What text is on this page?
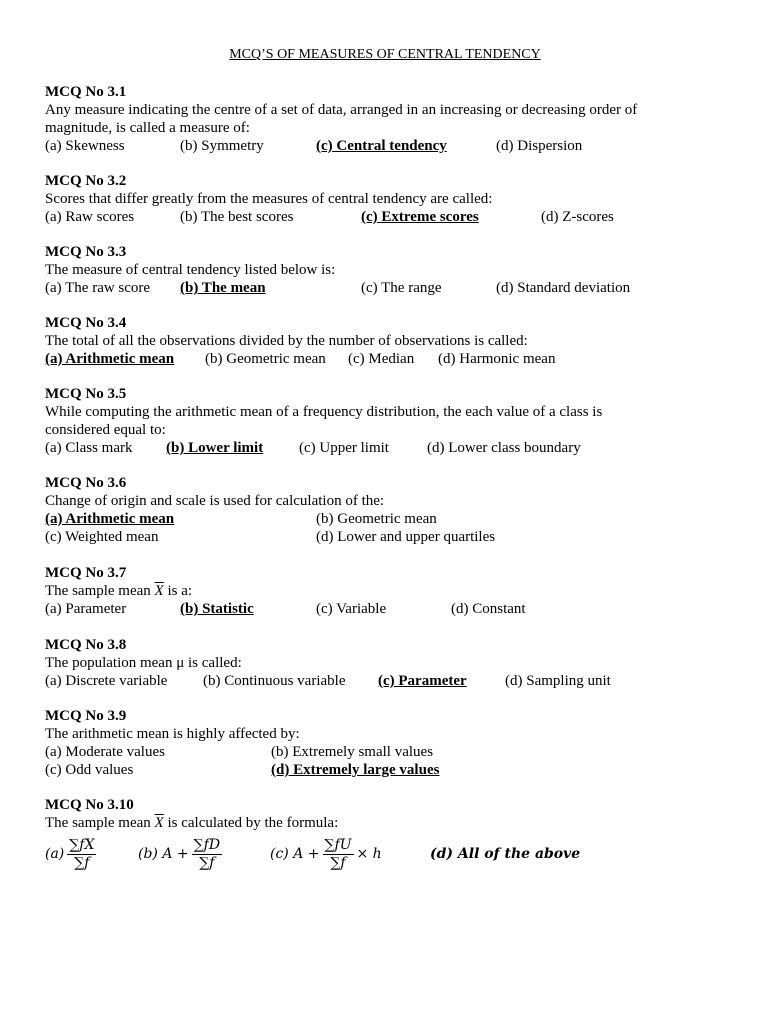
MCQ’S OF MEASURES OF CENTRAL TENDENCY
MCQ No 3.1
Any measure indicating the centre of a set of data, arranged in an increasing or decreasing order of
magnitude, is called a measure of:
(a) Skewness	(b) Symmetry	(c) Central tendency	(d) Dispersion
MCQ No 3.2
Scores that differ greatly from the measures of central tendency are called:
(a) Raw scores	(b) The best scores	(c) Extreme scores	(d) Z-scores
MCQ No 3.3
The measure of central tendency listed below is:
(a) The raw score (b) The mean	(c) The range	(d) Standard deviation
MCQ No 3.4
The total of all the observations divided by the number of observations is called:
(a) Arithmetic mean (b) Geometric mean (c) Median (d) Harmonic mean
MCQ No 3.5
While computing the arithmetic mean of a frequency distribution, the each value of a class is
considered equal to:
(a) Class mark (b) Lower limit (c) Upper limit	(d) Lower class boundary
MCQ No 3.6
Change of origin and scale is used for calculation of the:
(a) Arithmetic mean	(b) Geometric mean
(c) Weighted mean	(d) Lower and upper quartiles
MCQ No 3.7
The sample mean $\overline{X}$ is a:
(a) Parameter	(b) Statistic	(c) Variable	(d) Constant
MCQ No 3.8
The population mean μ is called:
(a) Discrete variable (b) Continuous variable (c) Parameter	(d) Sampling unit
MCQ No 3.9
The arithmetic mean is highly affected by:
(a) Moderate values	(b) Extremely small values
(c) Odd values	(d) Extremely large values
MCQ No 3.10
The sample mean $\overline{X}$ is calculated by the formula:
$(a) \frac{\sum fX}{\sum f}$	(b) $A + \frac{\sum fD}{\sum f}$	(c) $A + \frac{\sum fU}{\sum f} \times h$	(d) All of the above
